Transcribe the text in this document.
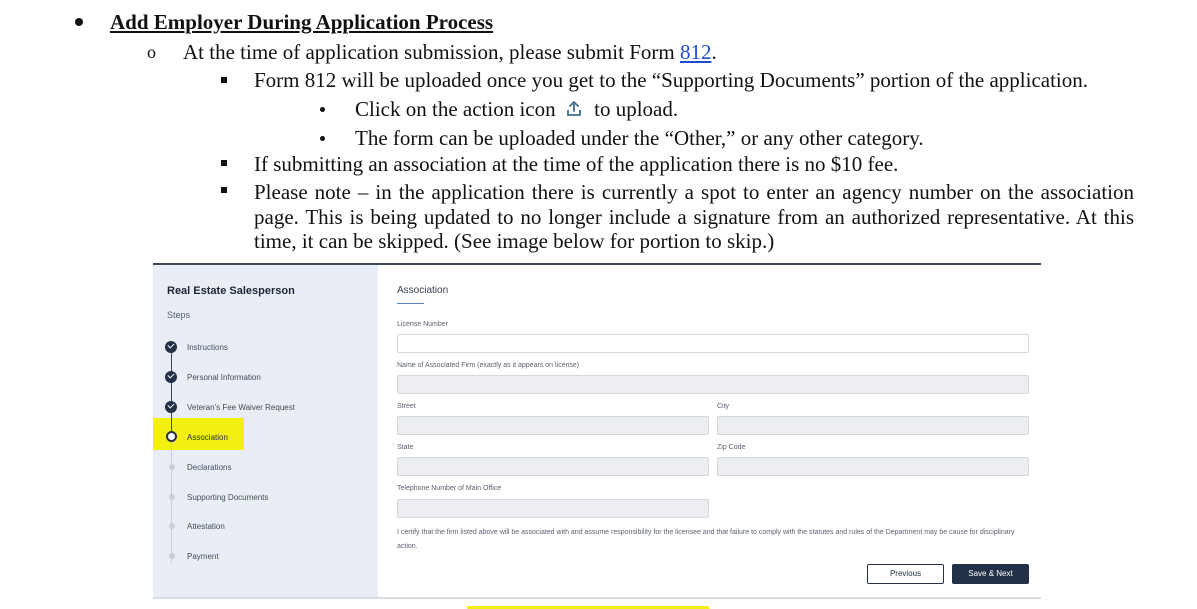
Add Employer During Application Process
o At the time of application submission, please submit Form 812.
Form 812 will be uploaded once you get to the “Supporting Documents” portion of the application.
Click on the action icon to upload.
The form can be uploaded under the “Other,” or any other category.
If submitting an association at the time of the application there is no $10 fee.
Please note – in the application there is currently a spot to enter an agency number on the association page. This is being updated to no longer include a signature from an authorized representative. At this time, it can be skipped. (See image below for portion to skip.)
Real Estate Salesperson
Steps
Instructions
Personal Information
Veteran's Fee Waiver Request
Association
Declarations
Supporting Documents
Attestation
Payment
Association
License Number
Name of Associated Firm (exactly as it appears on license)
Street	City
State	Zip Code
Telephone Number of Main Office
I certify that the firm listed above will be associated with and assume responsibility for the licensee and that failure to comply with the statutes and rules of the Department may be cause for disciplinary action.
Previous	Save & Next
